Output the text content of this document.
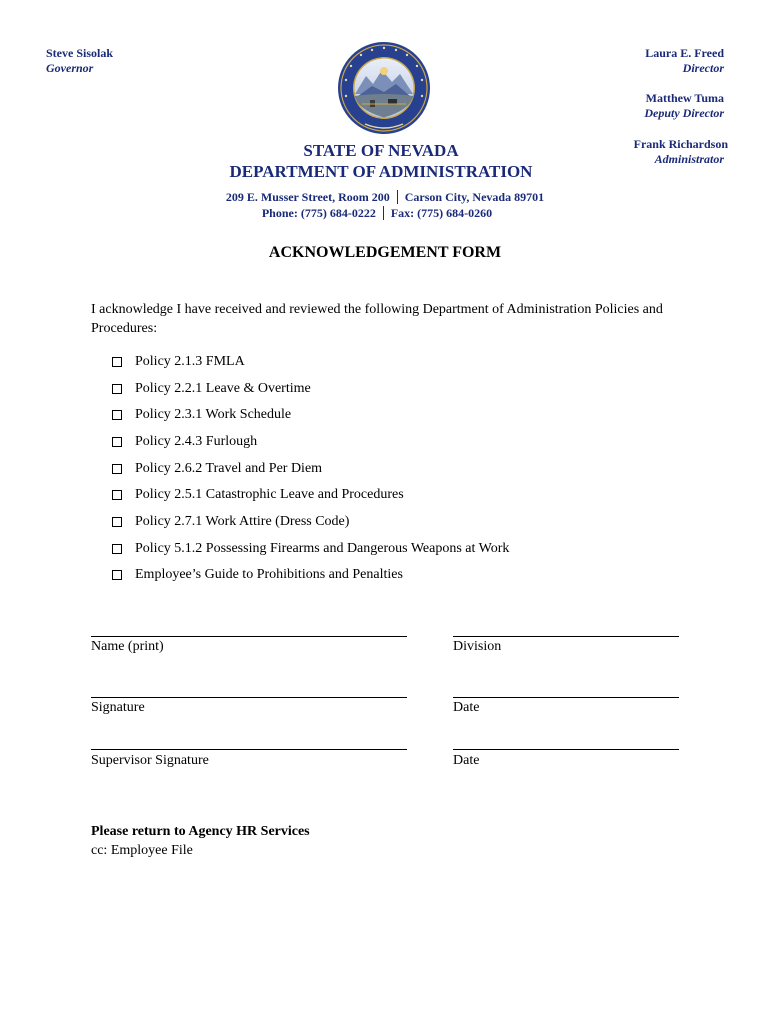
Steve Sisolak
Governor
Laura E. Freed
Director
Matthew Tuma
Deputy Director
Frank Richardson
Administrator
STATE OF NEVADA
DEPARTMENT OF ADMINISTRATION
209 E. Musser Street, Room 200 Carson City, Nevada 89701
Phone: (775) 684-0222 Fax: (775) 684-0260
ACKNOWLEDGEMENT FORM
I acknowledge I have received and reviewed the following Department of Administration Policies and Procedures:
Policy 2.1.3 FMLA
Policy 2.2.1 Leave & Overtime
Policy 2.3.1 Work Schedule
Policy 2.4.3 Furlough
Policy 2.6.2 Travel and Per Diem
Policy 2.5.1 Catastrophic Leave and Procedures
Policy 2.7.1 Work Attire (Dress Code)
Policy 5.1.2 Possessing Firearms and Dangerous Weapons at Work
Employee’s Guide to Prohibitions and Penalties
Name (print)	Division
Signature	Date
Supervisor Signature	Date
Please return to Agency HR Services
cc: Employee File
